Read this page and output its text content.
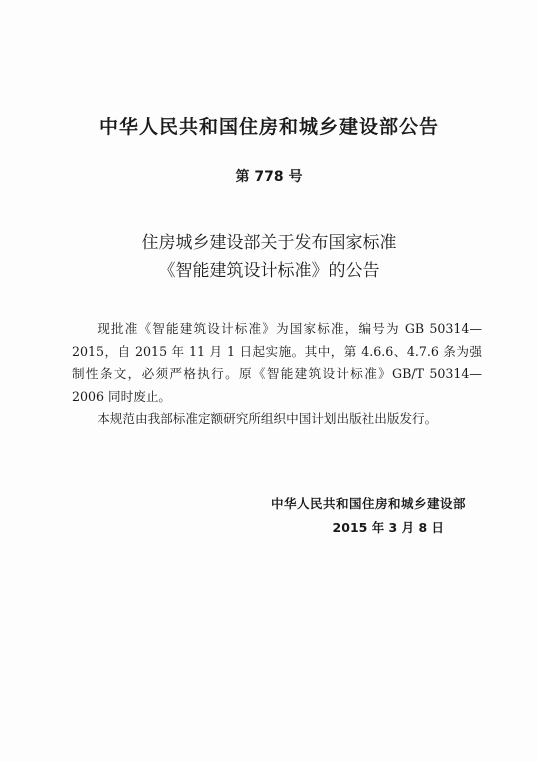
中华人民共和国住房和城乡建设部公告
第 778 号
住房城乡建设部关于发布国家标准
《智能建筑设计标准》的公告

现批准《智能建筑设计标准》为国家标准，编号为 GB 50314—2015，自 2015 年 11 月 1 日起实施。其中，第 4.6.6、4.7.6 条为强制性条文，必须严格执行。原《智能建筑设计标准》GB/T 50314—2006 同时废止。

本规范由我部标准定额研究所组织中国计划出版社出版发行。

中华人民共和国住房和城乡建设部
2015 年 3 月 8 日
